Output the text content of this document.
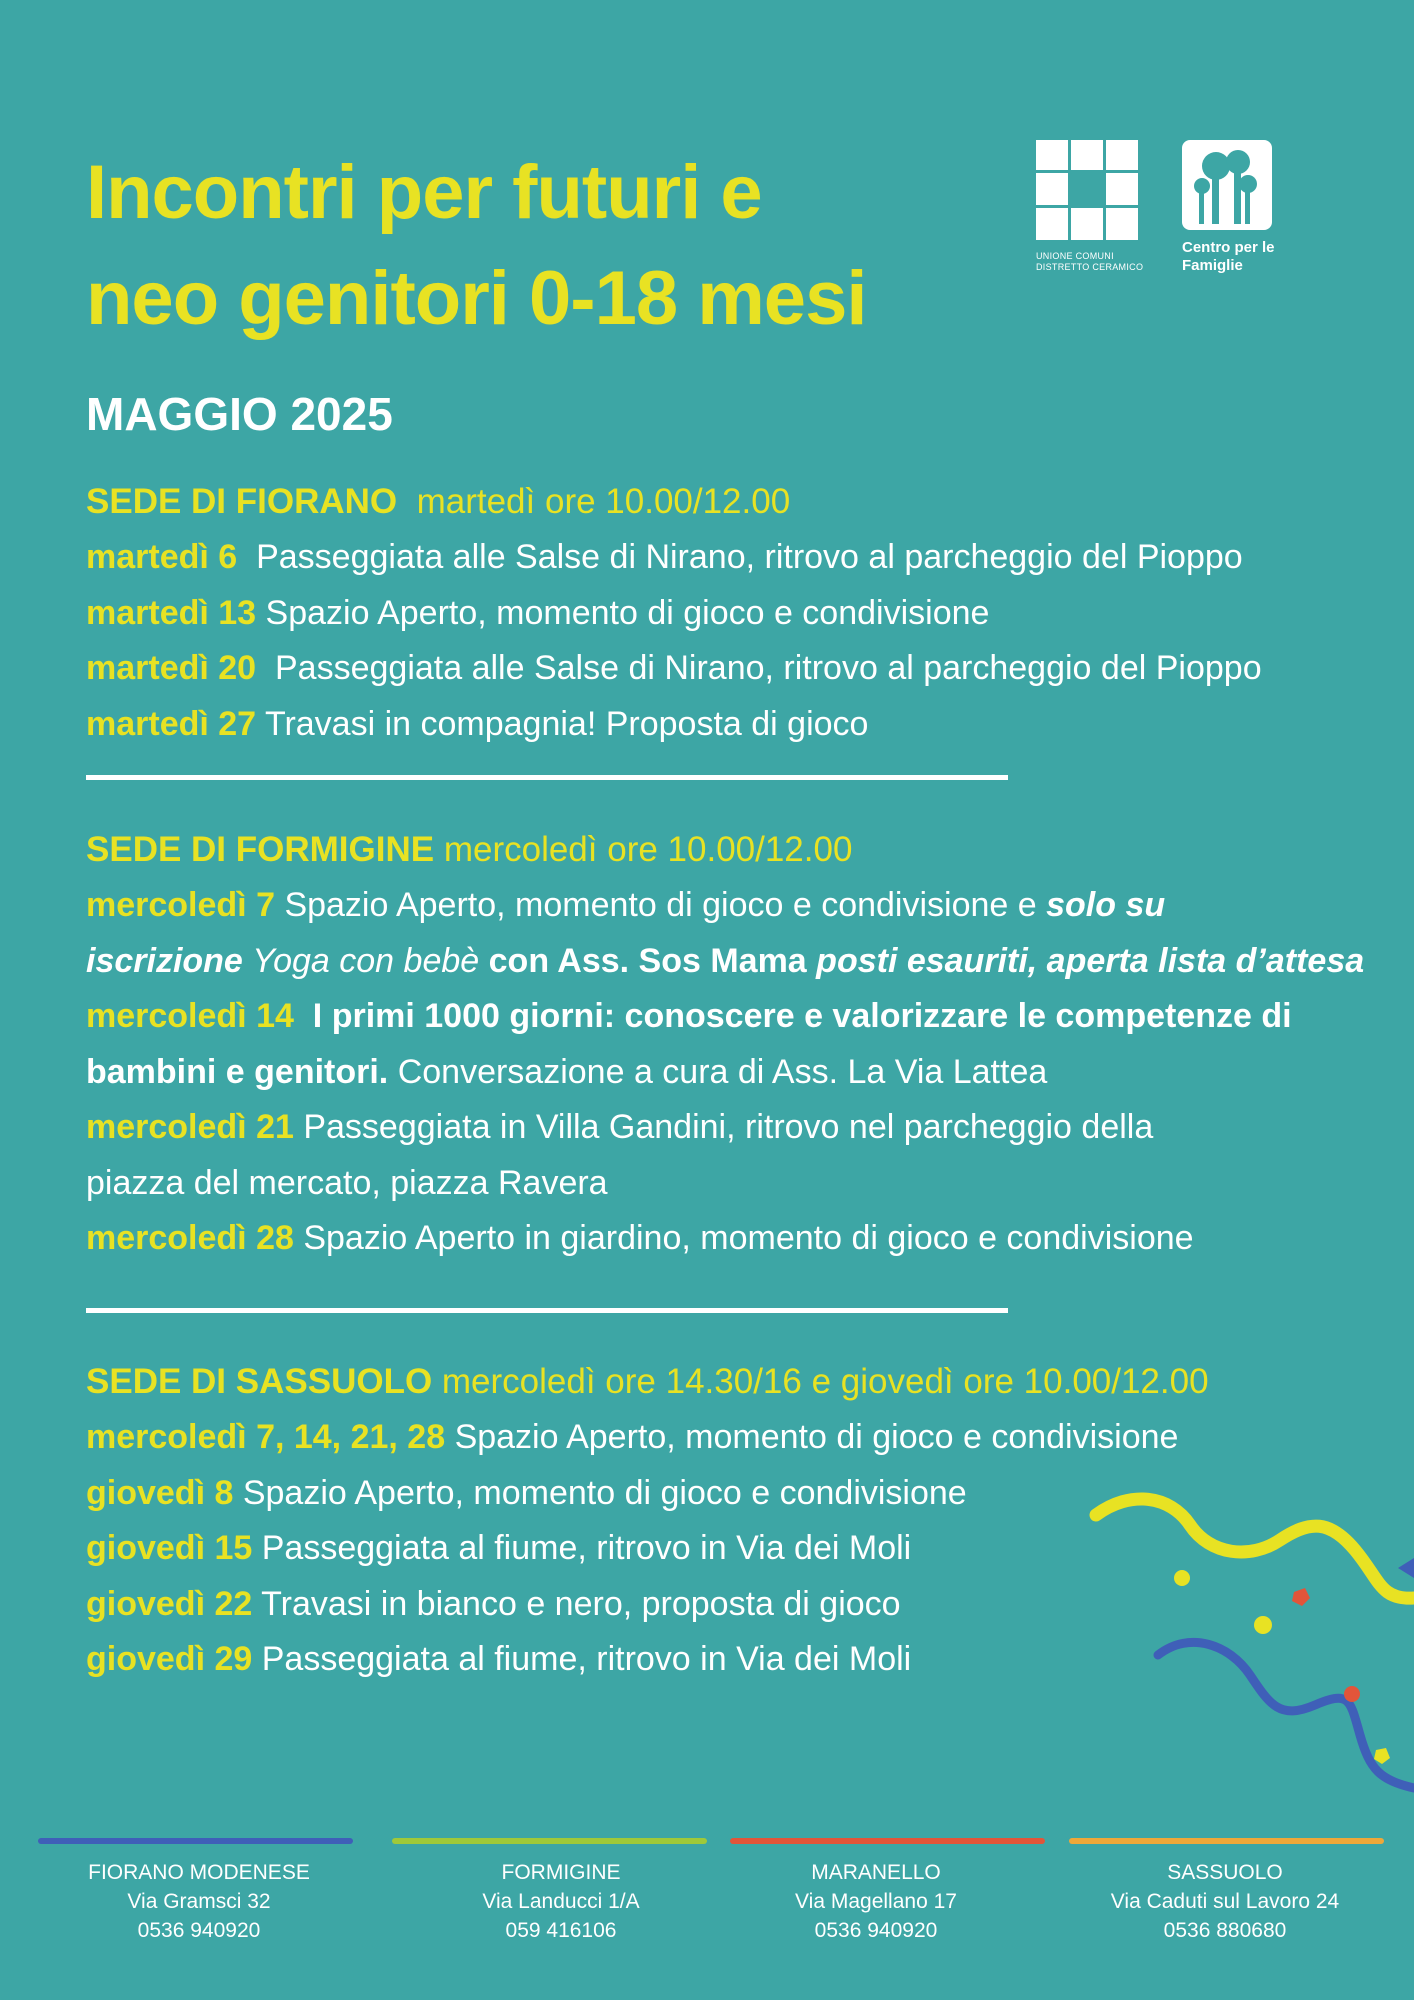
Incontri per futuri e
neo genitori 0-18 mesi
MAGGIO 2025
UNIONE COMUNI
DISTRETTO CERAMICO
Centro per le
Famiglie
SEDE DI FIORANO martedì ore 10.00/12.00
martedì 6 Passeggiata alle Salse di Nirano, ritrovo al parcheggio del Pioppo
martedì 13 Spazio Aperto, momento di gioco e condivisione
martedì 20 Passeggiata alle Salse di Nirano, ritrovo al parcheggio del Pioppo
martedì 27 Travasi in compagnia! Proposta di gioco
SEDE DI FORMIGINE mercoledì ore 10.00/12.00
mercoledì 7 Spazio Aperto, momento di gioco e condivisione e solo su
iscrizione Yoga con bebè con Ass. Sos Mama posti esauriti, aperta lista d’attesa
mercoledì 14 I primi 1000 giorni: conoscere e valorizzare le competenze di
bambini e genitori. Conversazione a cura di Ass. La Via Lattea
mercoledì 21 Passeggiata in Villa Gandini, ritrovo nel parcheggio della
piazza del mercato, piazza Ravera
mercoledì 28 Spazio Aperto in giardino, momento di gioco e condivisione
SEDE DI SASSUOLO mercoledì ore 14.30/16 e giovedì ore 10.00/12.00
mercoledì 7, 14, 21, 28 Spazio Aperto, momento di gioco e condivisione
giovedì 8 Spazio Aperto, momento di gioco e condivisione
giovedì 15 Passeggiata al fiume, ritrovo in Via dei Moli
giovedì 22 Travasi in bianco e nero, proposta di gioco
giovedì 29 Passeggiata al fiume, ritrovo in Via dei Moli
FIORANO MODENESE
Via Gramsci 32
0536 940920
FORMIGINE
Via Landucci 1/A
059 416106
MARANELLO
Via Magellano 17
0536 940920
SASSUOLO
Via Caduti sul Lavoro 24
0536 880680
